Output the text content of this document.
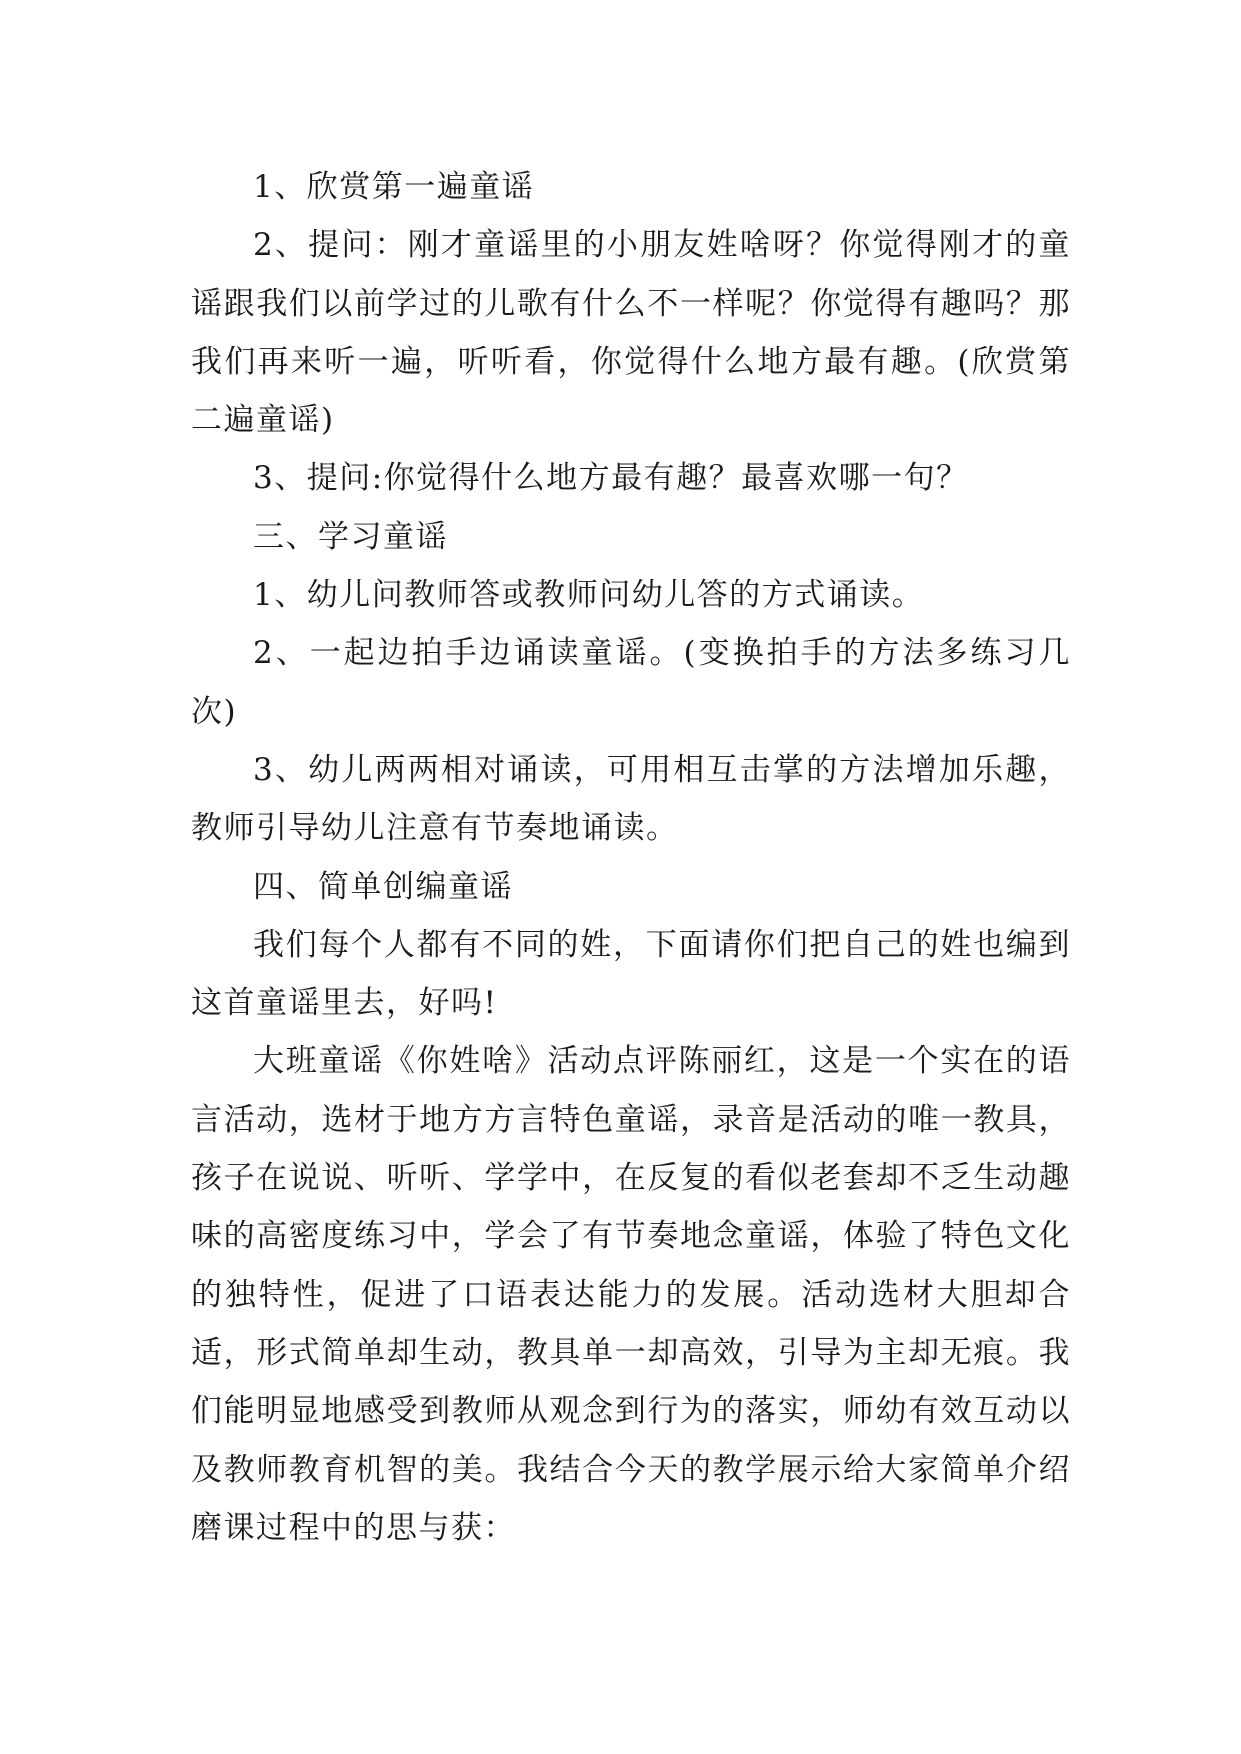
1、欣赏第一遍童谣

2、提问：刚才童谣里的小朋友姓啥呀？你觉得刚才的童谣跟我们以前学过的儿歌有什么不一样呢？你觉得有趣吗？那我们再来听一遍，听听看，你觉得什么地方最有趣。(欣赏第二遍童谣)

3、提问:你觉得什么地方最有趣？最喜欢哪一句？

三、学习童谣

1、幼儿问教师答或教师问幼儿答的方式诵读。

2、一起边拍手边诵读童谣。(变换拍手的方法多练习几次)

3、幼儿两两相对诵读，可用相互击掌的方法增加乐趣，教师引导幼儿注意有节奏地诵读。

四、简单创编童谣

我们每个人都有不同的姓，下面请你们把自己的姓也编到这首童谣里去，好吗!

大班童谣《你姓啥》活动点评陈丽红，这是一个实在的语言活动，选材于地方方言特色童谣，录音是活动的唯一教具，孩子在说说、听听、学学中，在反复的看似老套却不乏生动趣味的高密度练习中，学会了有节奏地念童谣，体验了特色文化的独特性，促进了口语表达能力的发展。活动选材大胆却合适，形式简单却生动，教具单一却高效，引导为主却无痕。我们能明显地感受到教师从观念到行为的落实，师幼有效互动以及教师教育机智的美。我结合今天的教学展示给大家简单介绍磨课过程中的思与获：
